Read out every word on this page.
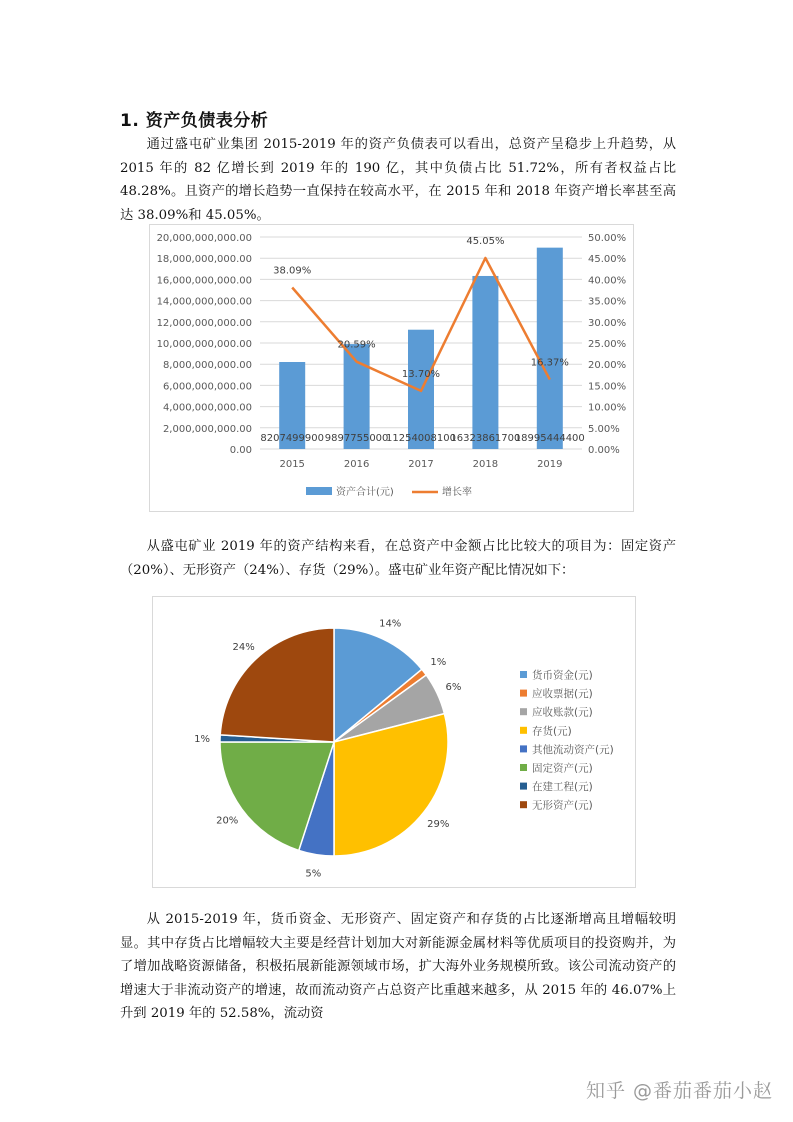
1. 资产负债表分析

通过盛屯矿业集团 2015-2019 年的资产负债表可以看出，总资产呈稳步上升趋势，从 2015 年的 82 亿增长到 2019 年的 190 亿，其中负债占比 51.72%，所有者权益占比 48.28%。且资产的增长趋势一直保持在较高水平，在 2015 年和 2018 年资产增长率甚至高达 38.09%和 45.05%。

0.00
2,000,000,000.00
4,000,000,000.00
6,000,000,000.00
8,000,000,000.00
10,000,000,000.00
12,000,000,000.00
14,000,000,000.00
16,000,000,000.00
18,000,000,000.00
20,000,000,000.00
0.00%
5.00%
10.00%
15.00%
20.00%
25.00%
30.00%
35.00%
40.00%
45.00%
50.00%
8207499900
2015
9897755000
2016
11254008100
2017
16323861700
2018
18995444400
2019
38.09%
20.59%
13.70%
45.05%
16.37%
资产合计(元)	增长率

从盛屯矿业 2019 年的资产结构来看，在总资产中金额占比比较大的项目为：固定资产（20%）、无形资产（24%）、存货（29%）。盛屯矿业年资产配比情况如下：

14%
1%
6%
29%
5%
20%
1%
24%
货币资金(元)
应收票据(元)
应收账款(元)
存货(元)
其他流动资产(元)
固定资产(元)
在建工程(元)
无形资产(元)

从 2015-2019 年，货币资金、无形资产、固定资产和存货的占比逐渐增高且增幅较明显。其中存货占比增幅较大主要是经营计划加大对新能源金属材料等优质项目的投资购并，为了增加战略资源储备，积极拓展新能源领域市场，扩大海外业务规模所致。该公司流动资产的增速大于非流动资产的增速，故而流动资产占总资产比重越来越多，从 2015 年的 46.07%上升到 2019 年的 52.58%，流动资

知乎 @番茄番茄小赵
